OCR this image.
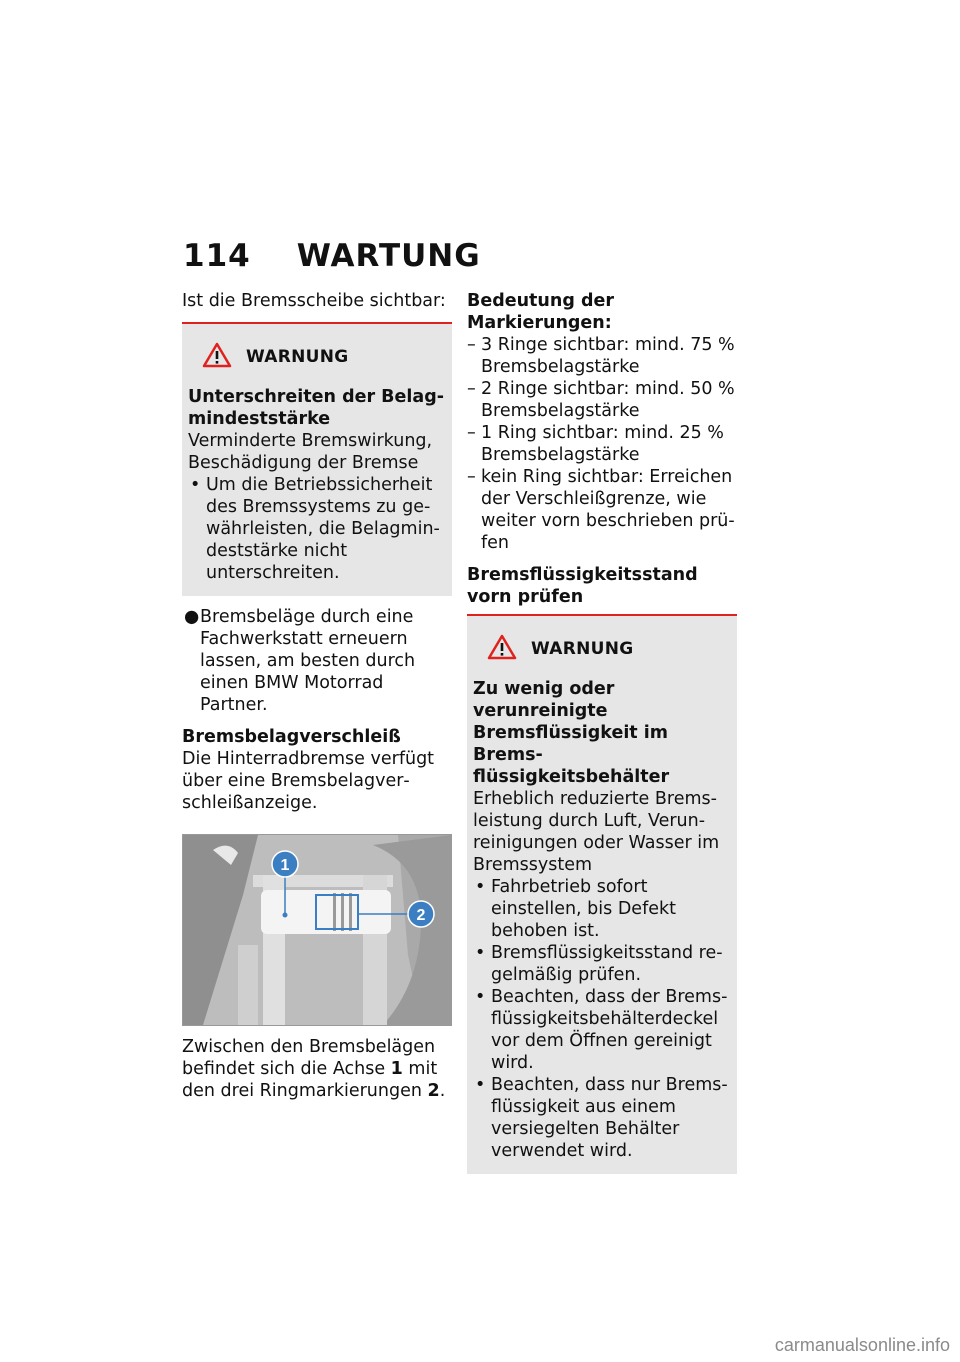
114 WARTUNG

Ist die Bremsscheibe sichtbar:

WARNUNG

Unterschreiten der Belagmindeststärke

Verminderte Bremswirkung, Beschädigung der Bremse

• Um die Betriebssicherheit des Bremssystems zu gewährleisten, die Belagmindeststärke nicht unterschreiten.
● Bremsbeläge durch eine Fachwerkstatt erneuern lassen, am besten durch einen BMW Motorrad Partner.

Bremsbelagverschleiß

Die Hinterradbremse verfügt über eine Bremsbelagverschleißanzeige.

1
2

Zwischen den Bremsbelägen befindet sich die Achse 1 mit den drei Ringmarkierungen 2.

Bedeutung der Markierungen:

– 3 Ringe sichtbar: mind. 75 % Bremsbelagstärke
– 2 Ringe sichtbar: mind. 50 % Bremsbelagstärke
– 1 Ring sichtbar: mind. 25 % Bremsbelagstärke
– kein Ring sichtbar: Erreichen der Verschleißgrenze, wie weiter vorn beschrieben prüfen

Bremsflüssigkeitsstand vorn prüfen

WARNUNG

Zu wenig oder verunreinigte Bremsflüssigkeit im Bremsflüssigkeitsbehälter

Erheblich reduzierte Bremsleistung durch Luft, Verunreinigungen oder Wasser im Bremssystem

• Fahrbetrieb sofort einstellen, bis Defekt behoben ist.
• Bremsflüssigkeitsstand regelmäßig prüfen.
• Beachten, dass der Bremsflüssigkeitsbehälterdeckel vor dem Öffnen gereinigt wird.
• Beachten, dass nur Bremsflüssigkeit aus einem versiegelten Behälter verwendet wird.
carmanualsonline.info
